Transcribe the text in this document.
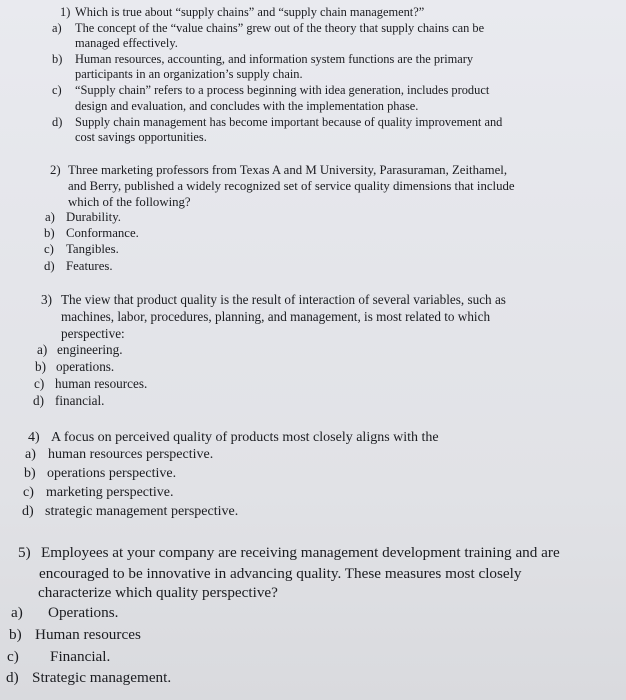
1) Which is true about “supply chains” and “supply chain management?”
a) The concept of the “value chains” grew out of the theory that supply chains can be
managed effectively.
b) Human resources, accounting, and information system functions are the primary
participants in an organization’s supply chain.
c) “Supply chain” refers to a process beginning with idea generation, includes product
design and evaluation, and concludes with the implementation phase.
d) Supply chain management has become important because of quality improvement and
cost savings opportunities.
2) Three marketing professors from Texas A and M University, Parasuraman, Zeithamel,
and Berry, published a widely recognized set of service quality dimensions that include
which of the following?
a) Durability.
b) Conformance.
c) Tangibles.
d) Features.
3) The view that product quality is the result of interaction of several variables, such as
machines, labor, procedures, planning, and management, is most related to which
perspective:
a) engineering.
b) operations.
c) human resources.
d) financial.
4) A focus on perceived quality of products most closely aligns with the
a) human resources perspective.
b) operations perspective.
c) marketing perspective.
d) strategic management perspective.
5) Employees at your company are receiving management development training and are
encouraged to be innovative in advancing quality. These measures most closely
characterize which quality perspective?
a) Operations.
b) Human resources
c) Financial.
d) Strategic management.
